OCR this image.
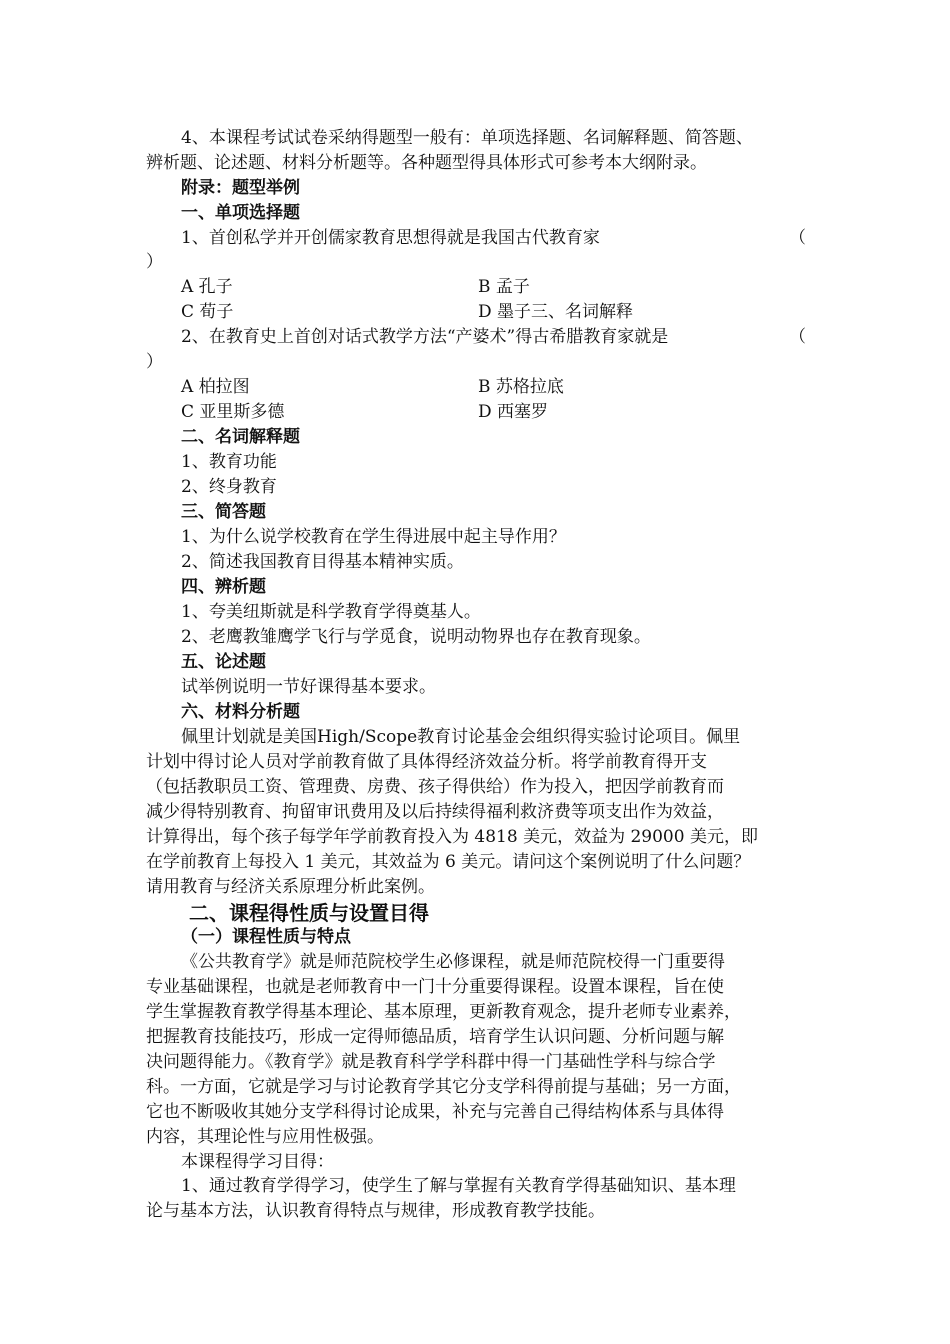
4、本课程考试试卷采纳得题型一般有：单项选择题、名词解释题、简答题、
辨析题、论述题、材料分析题等。各种题型得具体形式可参考本大纲附录。
附录：题型举例
一、单项选择题
1、首创私学并开创儒家教育思想得就是我国古代教育家	（
）
A 孔子	B 孟子
C 荀子	D 墨子三、名词解释
2、在教育史上首创对话式教学方法“产婆术”得古希腊教育家就是	（
）
A 柏拉图	B 苏格拉底
C 亚里斯多德	D 西塞罗
二、名词解释题
1、教育功能
2、终身教育
三、简答题
1、为什么说学校教育在学生得进展中起主导作用？
2、简述我国教育目得基本精神实质。
四、辨析题
1、夸美纽斯就是科学教育学得奠基人。
2、老鹰教雏鹰学飞行与学觅食，说明动物界也存在教育现象。
五、论述题
试举例说明一节好课得基本要求。
六、材料分析题
佩里计划就是美国High/Scope教育讨论基金会组织得实验讨论项目。佩里
计划中得讨论人员对学前教育做了具体得经济效益分析。将学前教育得开支
（包括教职员工资、管理费、房费、孩子得供给）作为投入，把因学前教育而
减少得特别教育、拘留审讯费用及以后持续得福利救济费等项支出作为效益，
计算得出，每个孩子每学年学前教育投入为 4818 美元，效益为 29000 美元，即
在学前教育上每投入 1 美元，其效益为 6 美元。请问这个案例说明了什么问题？
请用教育与经济关系原理分析此案例。
二、课程得性质与设置目得
（一）课程性质与特点
《公共教育学》就是师范院校学生必修课程，就是师范院校得一门重要得
专业基础课程，也就是老师教育中一门十分重要得课程。设置本课程，旨在使
学生掌握教育教学得基本理论、基本原理，更新教育观念，提升老师专业素养，
把握教育技能技巧，形成一定得师德品质，培育学生认识问题、分析问题与解
决问题得能力。《教育学》就是教育科学学科群中得一门基础性学科与综合学
科。一方面，它就是学习与讨论教育学其它分支学科得前提与基础；另一方面，
它也不断吸收其她分支学科得讨论成果，补充与完善自己得结构体系与具体得
内容，其理论性与应用性极强。
本课程得学习目得：
1、通过教育学得学习，使学生了解与掌握有关教育学得基础知识、基本理
论与基本方法，认识教育得特点与规律，形成教育教学技能。
